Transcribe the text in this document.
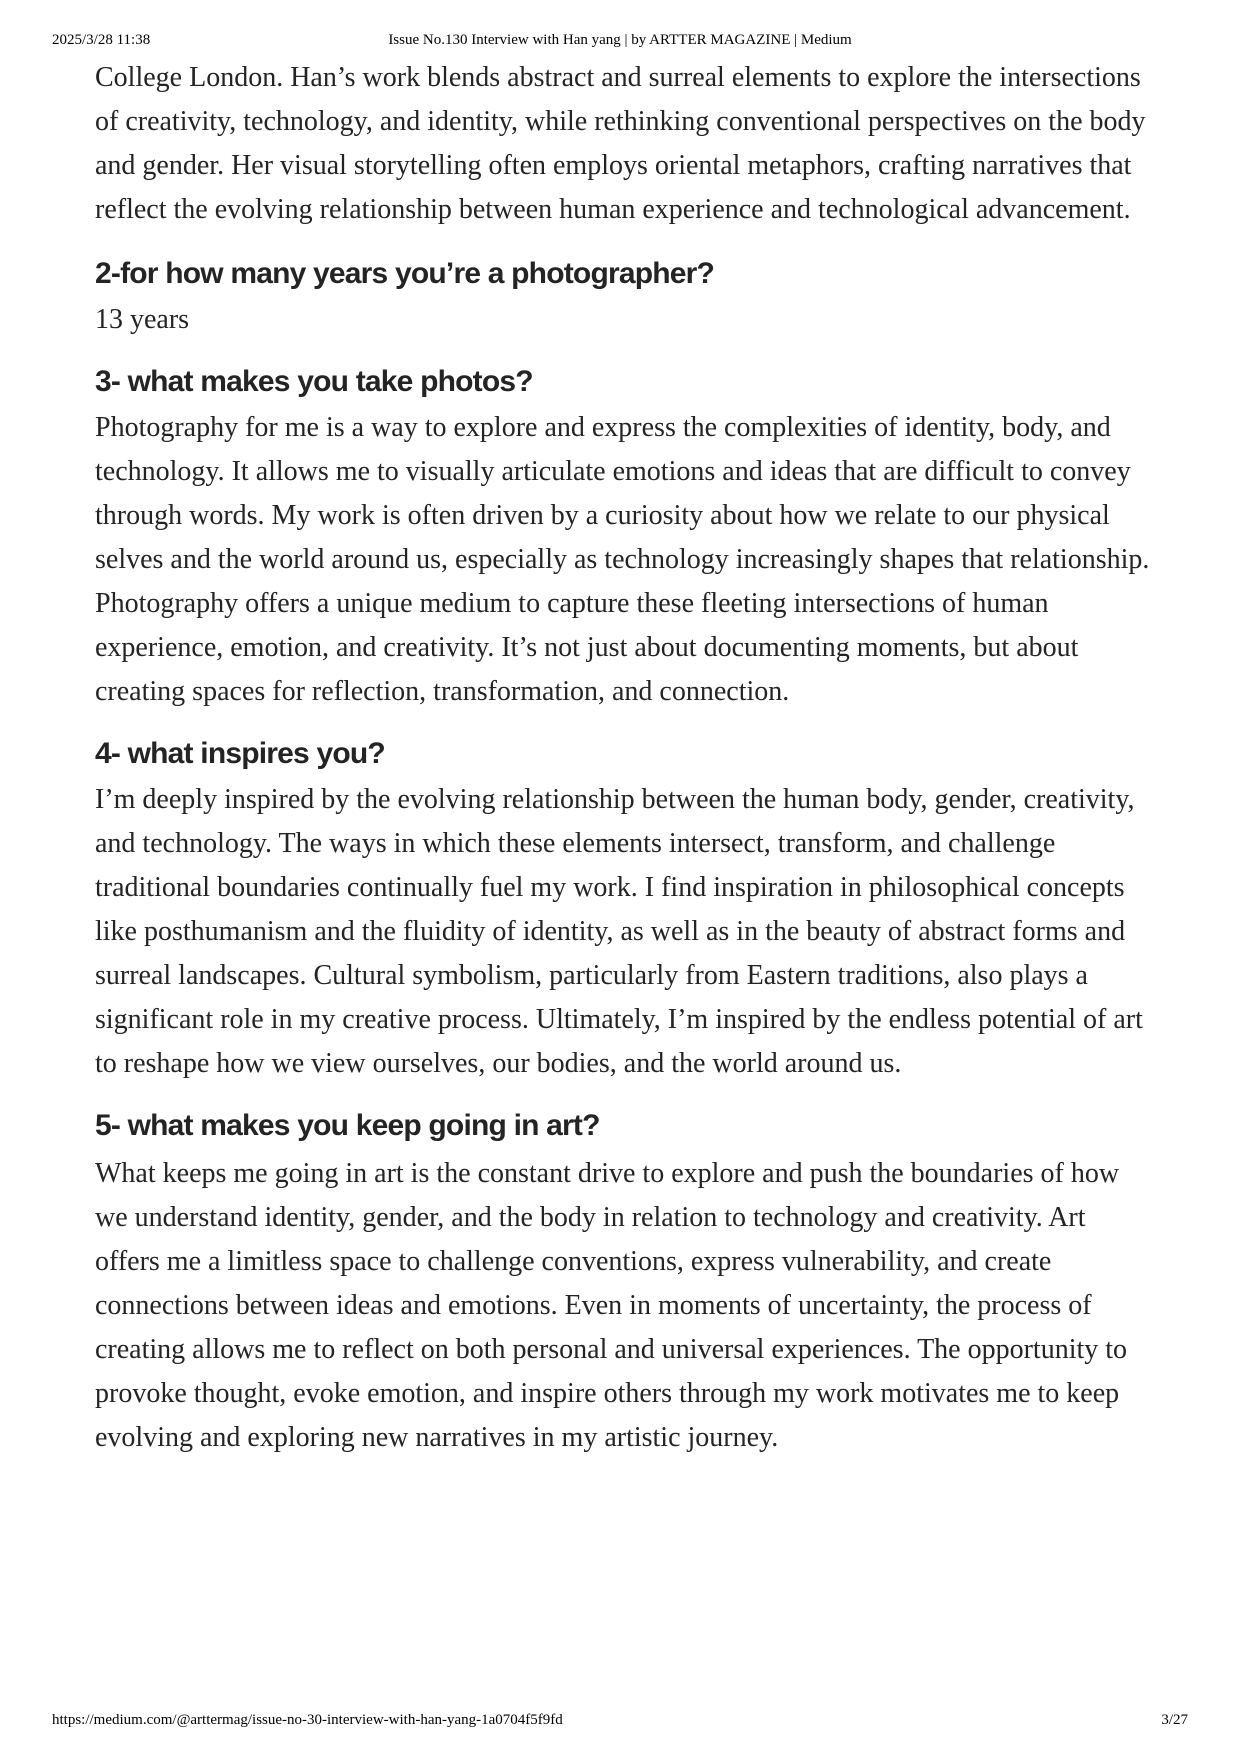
2025/3/28 11:38	Issue No.130 Interview with Han yang | by ARTTER MAGAZINE | Medium

College London. Han’s work blends abstract and surreal elements to explore the intersections of creativity, technology, and identity, while rethinking conventional perspectives on the body and gender. Her visual storytelling often employs oriental metaphors, crafting narratives that reflect the evolving relationship between human experience and technological advancement.

2-for how many years you’re a photographer?

13 years

3- what makes you take photos?

Photography for me is a way to explore and express the complexities of identity, body, and technology. It allows me to visually articulate emotions and ideas that are difficult to convey through words. My work is often driven by a curiosity about how we relate to our physical selves and the world around us, especially as technology increasingly shapes that relationship. Photography offers a unique medium to capture these fleeting intersections of human experience, emotion, and creativity. It’s not just about documenting moments, but about creating spaces for reflection, transformation, and connection.

4- what inspires you?

I’m deeply inspired by the evolving relationship between the human body, gender, creativity, and technology. The ways in which these elements intersect, transform, and challenge traditional boundaries continually fuel my work. I find inspiration in philosophical concepts like posthumanism and the fluidity of identity, as well as in the beauty of abstract forms and surreal landscapes. Cultural symbolism, particularly from Eastern traditions, also plays a significant role in my creative process. Ultimately, I’m inspired by the endless potential of art to reshape how we view ourselves, our bodies, and the world around us.

5- what makes you keep going in art?

What keeps me going in art is the constant drive to explore and push the boundaries of how we understand identity, gender, and the body in relation to technology and creativity. Art offers me a limitless space to challenge conventions, express vulnerability, and create connections between ideas and emotions. Even in moments of uncertainty, the process of creating allows me to reflect on both personal and universal experiences. The opportunity to provoke thought, evoke emotion, and inspire others through my work motivates me to keep evolving and exploring new narratives in my artistic journey.

https://medium.com/@arttermag/issue-no-30-interview-with-han-yang-1a0704f5f9fd	3/27
